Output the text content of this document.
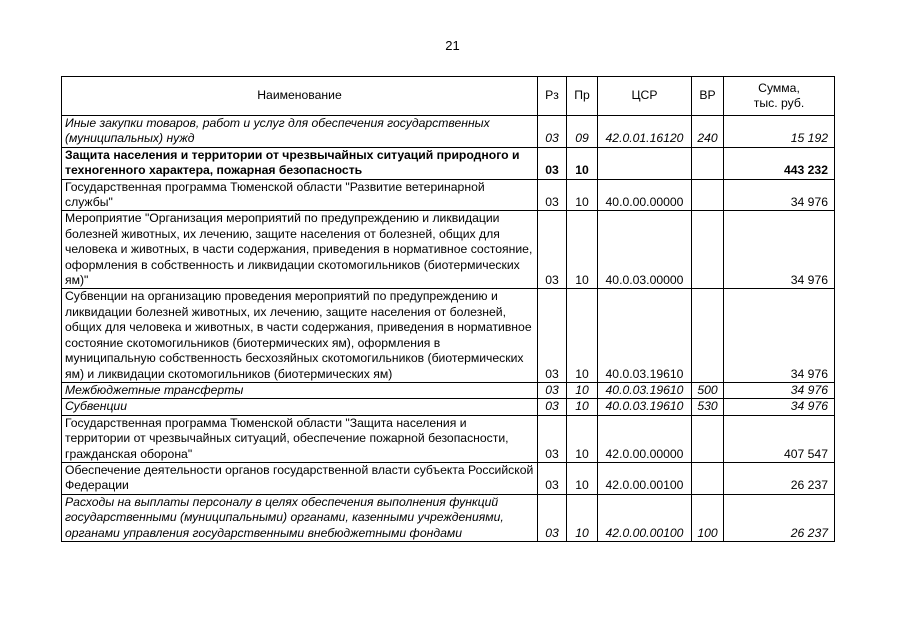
21
Наименование	Рз	Пр	ЦСР	ВР	Сумма,
тыс. руб.
Иные закупки товаров, работ и услуг для обеспечения государственных (муниципальных) нужд	03	09	42.0.01.16120	240	15 192
Защита населения и территории от чрезвычайных ситуаций природного и техногенного характера, пожарная безопасность	03	10			443 232
Государственная программа Тюменской области "Развитие ветеринарной службы"	03	10	40.0.00.00000		34 976
Мероприятие "Организация мероприятий по предупреждению и ликвидации болезней животных, их лечению, защите населения от болезней, общих для человека и животных, в части содержания, приведения в нормативное состояние, оформления в собственность и ликвидации скотомогильников (биотермических ям)"	03	10	40.0.03.00000		34 976
Субвенции на организацию проведения мероприятий по предупреждению и ликвидации болезней животных, их лечению, защите населения от болезней, общих для человека и животных, в части содержания, приведения в нормативное состояние скотомогильников (биотермических ям), оформления в муниципальную собственность бесхозяйных скотомогильников (биотермических ям) и ликвидации скотомогильников (биотермических ям)	03	10	40.0.03.19610		34 976
Межбюджетные трансферты	03	10	40.0.03.19610	500	34 976
Субвенции	03	10	40.0.03.19610	530	34 976
Государственная программа Тюменской области "Защита населения и территории от чрезвычайных ситуаций, обеспечение пожарной безопасности, гражданская оборона"	03	10	42.0.00.00000		407 547
Обеспечение деятельности органов государственной власти субъекта Российской Федерации	03	10	42.0.00.00100		26 237
Расходы на выплаты персоналу в целях обеспечения выполнения функций государственными (муниципальными) органами, казенными учреждениями, органами управления государственными внебюджетными фондами	03	10	42.0.00.00100	100	26 237
